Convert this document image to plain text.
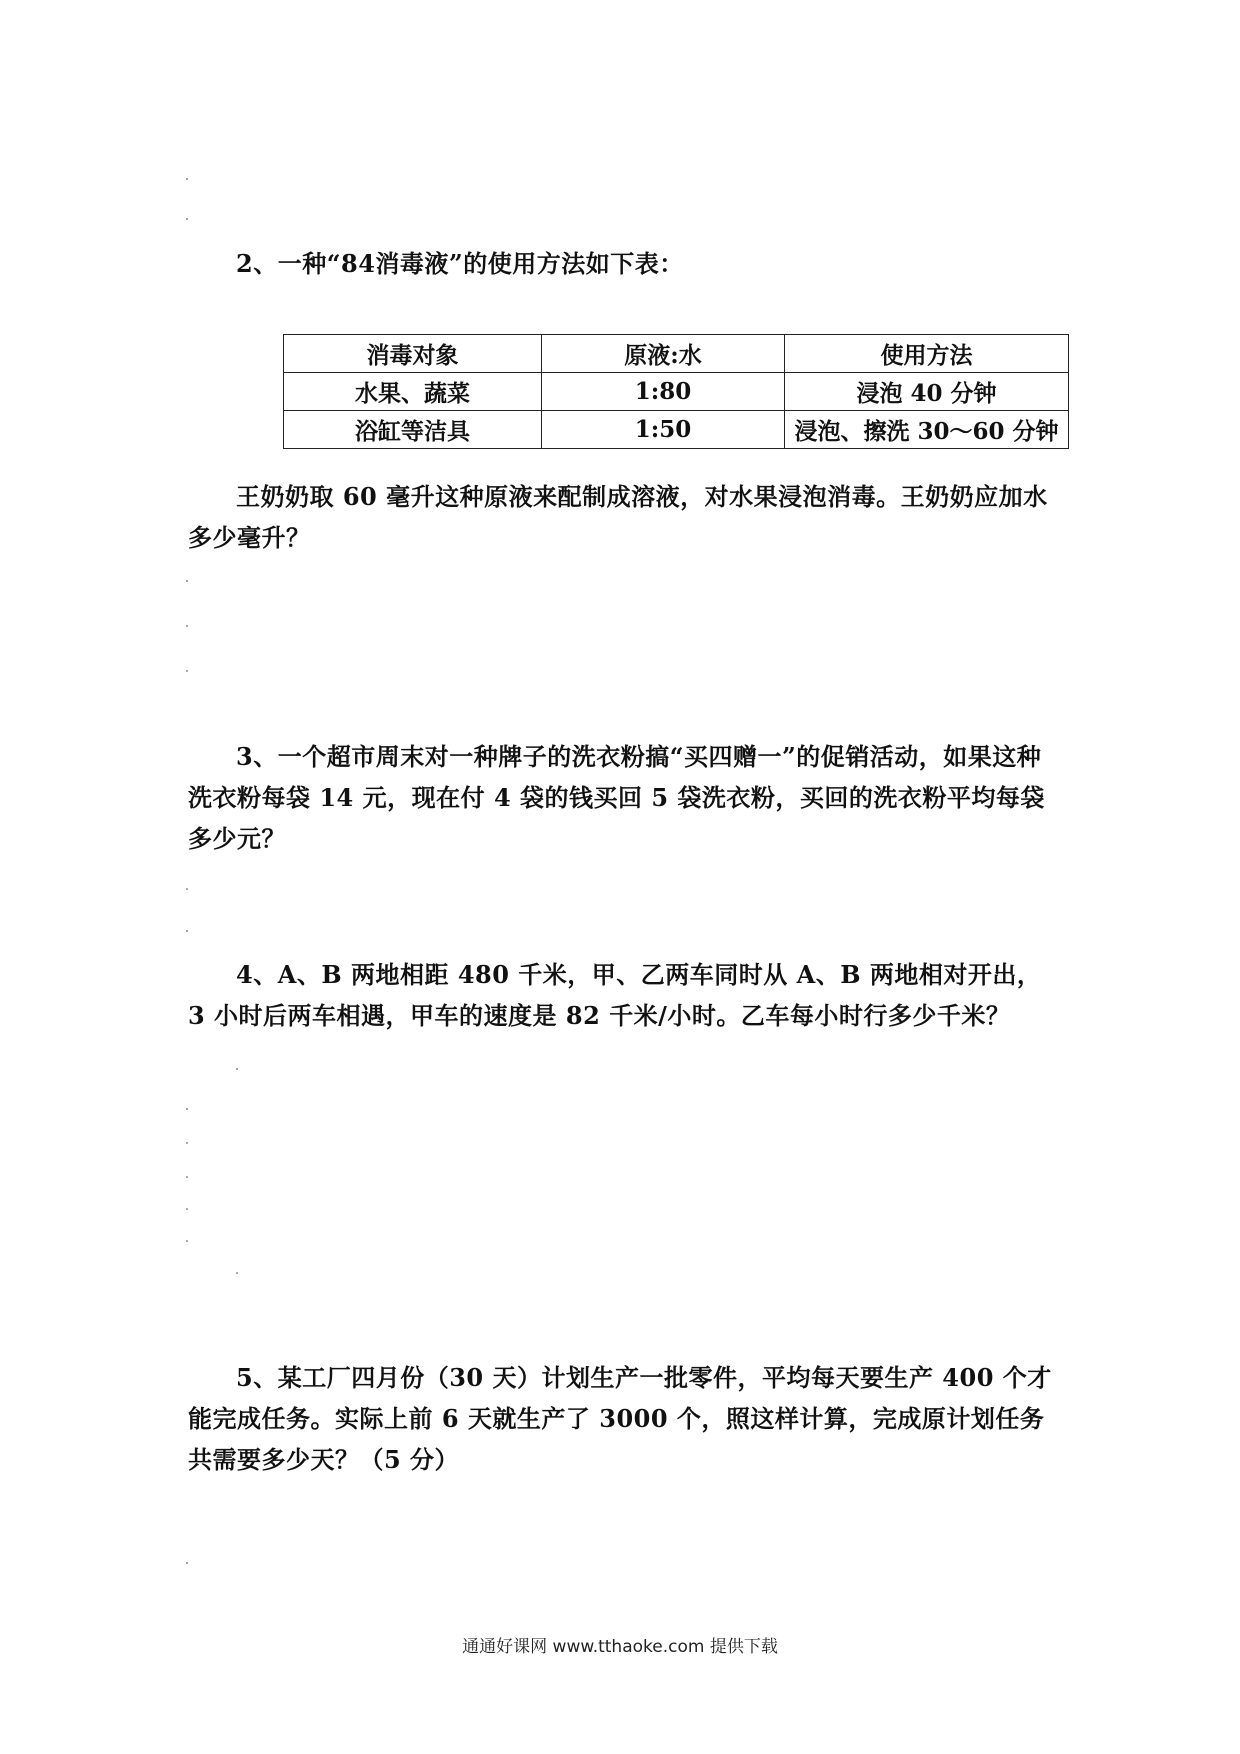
2、一种“84消毒液”的使用方法如下表：

消毒对象	原液:水	使用方法
水果、蔬菜	1:80	浸泡 40 分钟
浴缸等洁具	1:50	浸泡、擦洗 30～60 分钟

王奶奶取 60 毫升这种原液来配制成溶液，对水果浸泡消毒。王奶奶应加水多少毫升？

3、一个超市周末对一种牌子的洗衣粉搞“买四赠一”的促销活动，如果这种洗衣粉每袋 14 元，现在付 4 袋的钱买回 5 袋洗衣粉，买回的洗衣粉平均每袋多少元？

4、A、B 两地相距 480 千米，甲、乙两车同时从 A、B 两地相对开出，3 小时后两车相遇，甲车的速度是 82 千米/小时。乙车每小时行多少千米？

5、某工厂四月份（30 天）计划生产一批零件，平均每天要生产 400 个才能完成任务。实际上前 6 天就生产了 3000 个，照这样计算，完成原计划任务共需要多少天？（5 分）

通通好课网 www.tthaoke.com 提供下载
